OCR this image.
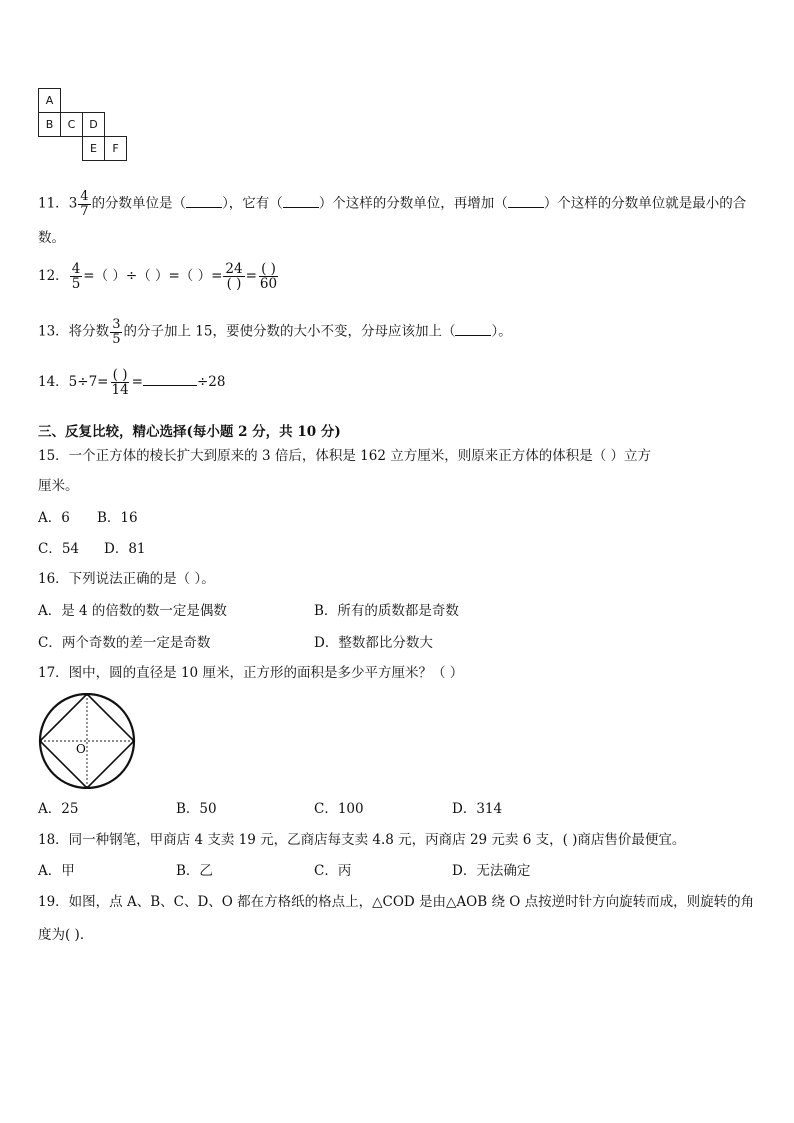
A			
B	C	D	
		E	F
11．$3 \frac{4}{7}$ 的分数单位是（	），它有（	）个这样的分数单位，再增加（	）个这样的分数单位就是最小的合
数。
12． $\frac{4}{5}$ =（ ）÷（ ）=（ ）= $\frac{24}{( )} = \frac{( )}{60}$
13．将分数 $\frac{3}{5}$ 的分子加上 15，要使分数的大小不变，分母应该加上（	）。
14．$5\div 7= \frac{( )}{14}$ =	÷28
三、反复比较，精心选择(每小题 2 分，共 10 分)
15．一个正方体的棱长扩大到原来的 3 倍后，体积是 162 立方厘米，则原来正方体的体积是（ ）立方
厘米。
A．6 B．16
C．54 D．81
16．下列说法正确的是（ ）。
A．是 4 的倍数的数一定是偶数	B．所有的质数都是奇数
C．两个奇数的差一定是奇数	D．整数都比分数大
17．图中，圆的直径是 10 厘米，正方形的面积是多少平方厘米？（ ）
O
A．25	B．50	C．100	D．314
18．同一种钢笔，甲商店 4 支卖 19 元，乙商店每支卖 4.8 元，丙商店 29 元卖 6 支，( )商店售价最便宜。
A．甲	B．乙	C．丙	D．无法确定
19．如图，点 A、B、C、D、O 都在方格纸的格点上，△COD 是由△AOB 绕 O 点按逆时针方向旋转而成，则旋转的角
度为( )．
